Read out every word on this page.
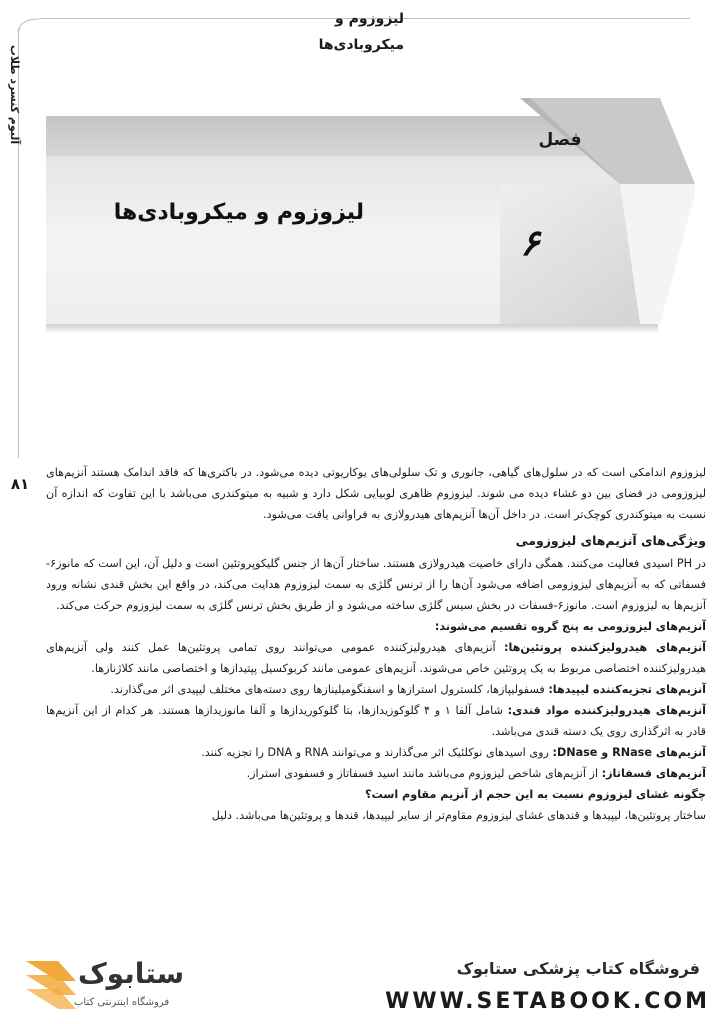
لیزوزوم و میکروبادی‌ها
آلبوم کنسرد طلاب	فصل
۶
لیزوزوم و میکروبادی‌ها
۸۱

لیزوزوم اندامکی است که در سلول‌های گیاهی، جانوری و تک سلولی‌های یوکاریوتی دیده می‌شود. در باکتری‌ها که فاقد اندامک هستند آنزیم‌های لیزوزومی در فضای بین دو غشاء دیده می شوند. لیزوزوم ظاهری لوبیایی شکل دارد و شبیه به میتوکندری می‌باشد با این تفاوت که اندازه آن نسبت به میتوکندری کوچک‌تر است. در داخل آن‌ها آنزیم‌های هیدرولازی به فراوانی یافت می‌شود.

ویژگی‌های آنزیم‌های لیزوزومی

در PH اسیدی فعالیت می‌کنند. همگی دارای خاصیت هیدرولازی هستند. ساختار آن‌ها از جنس گلیکوپروتئین است و دلیل آن، این است که مانوز۶-فسفاتی که به آنزیم‌های لیزوزومی اضافه می‌شود آن‌ها را از ترنس گلژی به سمت لیزوزوم هدایت می‌کند، در واقع این بخش قندی نشانه ورود آنزیم‌ها به لیزوزوم است. مانوز۶-فسفات در بخش سیس گلژی ساخته می‌شود و از طریق بخش ترنس گلژی به سمت لیزوزوم حرکت می‌کند.

آنزیم‌های لیزوزومی به پنج گروه تقسیم می‌شوند:

آنزیم‌های هیدرولیزکننده پروتئین‌ها: آنزیم‌های هیدرولیزکننده عمومی می‌توانند روی تمامی پروتئین‌ها عمل کنند ولی آنزیم‌های هیدرولیزکننده اختصاصی مربوط به یک پروتئین خاص می‌شوند. آنزیم‌های عمومی مانند کربوکسیل پپتیدازها و اختصاصی مانند کلاژنازها.

آنزیم‌های تجزیه‌کننده لیپیدها: فسفولیپازها، کلسترول استرازها و اسفنگومیلینازها روی دسته‌های مختلف لیپیدی اثر می‌گذارند.

آنزیم‌های هیدرولیزکننده مواد قندی: شامل آلفا ۱ و ۴ گلوکوزیدازها، بتا گلوکوریدازها و آلفا مانوزیدازها هستند. هر کدام از این آنزیم‌ها قادر به اثرگذاری روی یک دسته قندی می‌باشد.

آنزیم‌های RNase و DNase: روی اسیدهای نوکلئیک اثر می‌گذارند و می‌توانند RNA و DNA را تجزیه کنند.

آنزیم‌های فسفاتاز: از آنزیم‌های شاخص لیزوزوم می‌باشد مانند اسید فسفاتاز و فسفودی استراز.

چگونه غشای لیزوزوم نسبت به این حجم از آنزیم مقاوم است؟

ساختار پروتئین‌ها، لیپیدها و قندهای غشای لیزوزوم مقاوم‌تر از سایر لیپیدها، قندها و پروتئین‌ها می‌باشد. دلیل

ستابوک
فروشگاه اینترنتی کتاب
فروشگاه کتاب پزشکی ستابوک
WWW.SETABOOK.COM
